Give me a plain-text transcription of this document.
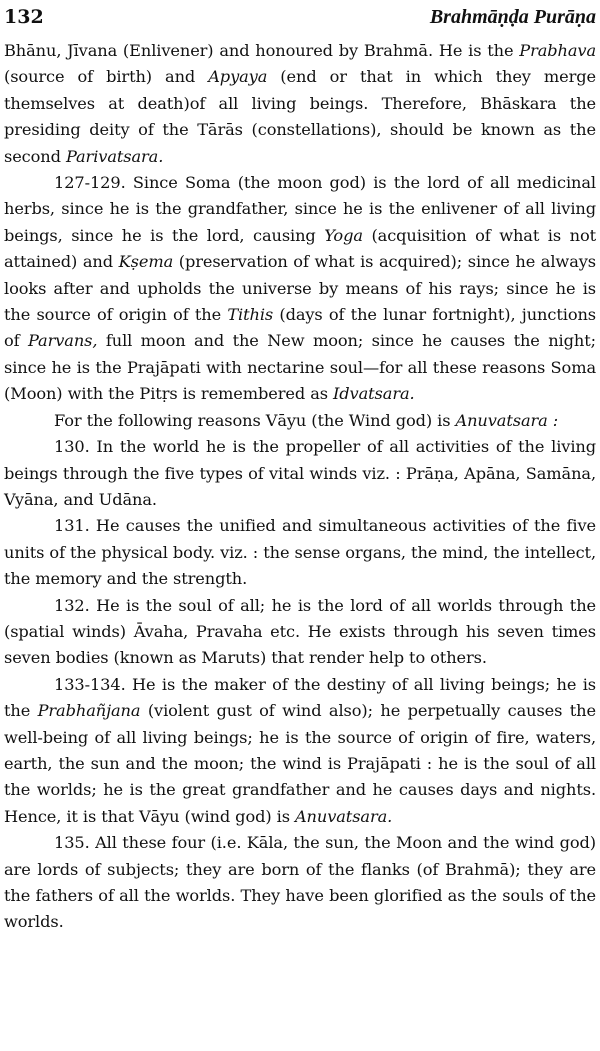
132	Brahmāṇḍa Purāṇa

Bhānu, Jīvana (Enlivener) and honoured by Brahmā. He is the Prabhava (source of birth) and Apyaya (end or that in which they merge themselves at death)of all living beings. Therefore, Bhāskara the presiding deity of the Tārās (constellations), should be known as the second Parivatsara.

127-129. Since Soma (the moon god) is the lord of all medicinal herbs, since he is the grandfather, since he is the enlivener of all living beings, since he is the lord, causing Yoga (acquisition of what is not attained) and Kṣema (preservation of what is acquired); since he always looks after and upholds the universe by means of his rays; since he is the source of origin of the Tithis (days of the lunar fortnight), junctions of Parvans, full moon and the New moon; since he causes the night; since he is the Prajāpati with nectarine soul—for all these reasons Soma (Moon) with the Pitṛs is remembered as Idvatsara.

For the following reasons Vāyu (the Wind god) is Anuvatsara :

130. In the world he is the propeller of all activities of the living beings through the five types of vital winds viz. : Prāṇa, Apāna, Samāna, Vyāna, and Udāna.

131. He causes the unified and simultaneous activities of the five units of the physical body. viz. : the sense organs, the mind, the intellect, the memory and the strength.

132. He is the soul of all; he is the lord of all worlds through the (spatial winds) Āvaha, Pravaha etc. He exists through his seven times seven bodies (known as Maruts) that render help to others.

133-134. He is the maker of the destiny of all living beings; he is the Prabhañjana (violent gust of wind also); he perpetually causes the well-being of all living beings; he is the source of origin of fire, waters, earth, the sun and the moon; the wind is Prajāpati : he is the soul of all the worlds; he is the great grandfather and he causes days and nights. Hence, it is that Vāyu (wind god) is Anuvatsara.

135. All these four (i.e. Kāla, the sun, the Moon and the wind god) are lords of subjects; they are born of the flanks (of Brahmā); they are the fathers of all the worlds. They have been glorified as the souls of the worlds.
